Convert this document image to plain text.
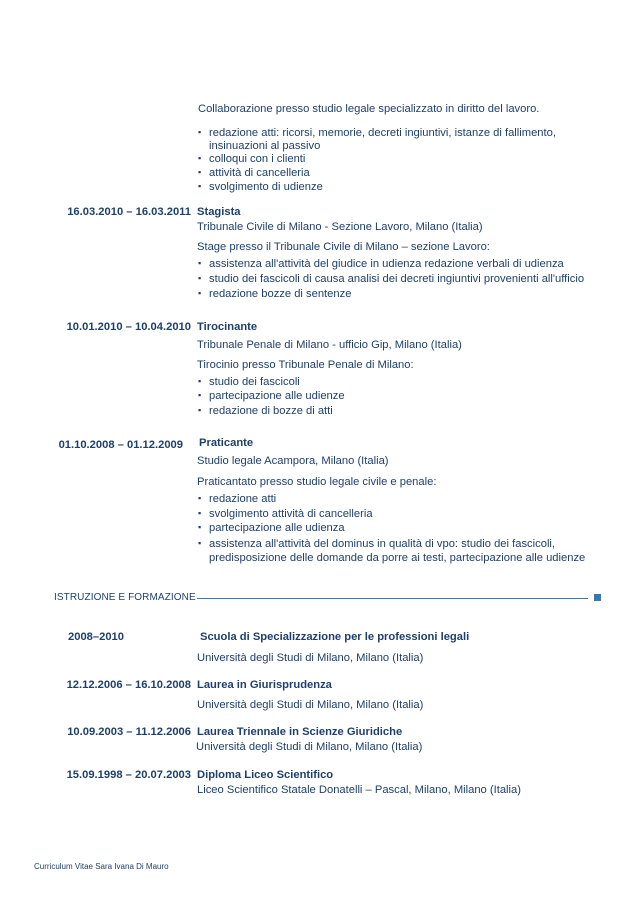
Collaborazione presso studio legale specializzato in diritto del lavoro.
▪ redazione atti: ricorsi, memorie, decreti ingiuntivi, istanze di fallimento,
insinuazioni al passivo
▪ colloqui con i clienti
▪ attività di cancelleria
▪ svolgimento di udienze
16.03.2010 – 16.03.2011 Stagista
Tribunale Civile di Milano - Sezione Lavoro, Milano (Italia)
Stage presso il Tribunale Civile di Milano – sezione Lavoro:
▪ assistenza all'attività del giudice in udienza redazione verbali di udienza
▪ studio dei fascicoli di causa analisi dei decreti ingiuntivi provenienti all'ufficio
▪ redazione bozze di sentenze
10.01.2010 – 10.04.2010 Tirocinante
Tribunale Penale di Milano - ufficio Gip, Milano (Italia)
Tirocinio presso Tribunale Penale di Milano:
▪ studio dei fascicoli
▪ partecipazione alle udienze
▪ redazione di bozze di atti
01.10.2008 – 01.12.2009 Praticante
Studio legale Acampora, Milano (Italia)
Praticantato presso studio legale civile e penale:
▪ redazione atti
▪ svolgimento attività di cancelleria
▪ partecipazione alle udienza
▪ assistenza all'attività del dominus in qualità di vpo: studio dei fascicoli,
predisposizione delle domande da porre ai testi, partecipazione alle udienze
ISTRUZIONE E FORMAZIONE
2008–2010	Scuola di Specializzazione per le professioni legali
Università degli Studi di Milano, Milano (Italia)
12.12.2006 – 16.10.2008 Laurea in Giurisprudenza
Università degli Studi di Milano, Milano (Italia)
10.09.2003 – 11.12.2006 Laurea Triennale in Scienze Giuridiche
Università degli Studi di Milano, Milano (Italia)
15.09.1998 – 20.07.2003 Diploma Liceo Scientifico
Liceo Scientifico Statale Donatelli – Pascal, Milano, Milano (Italia)
Curriculum Vitae Sara Ivana Di Mauro
